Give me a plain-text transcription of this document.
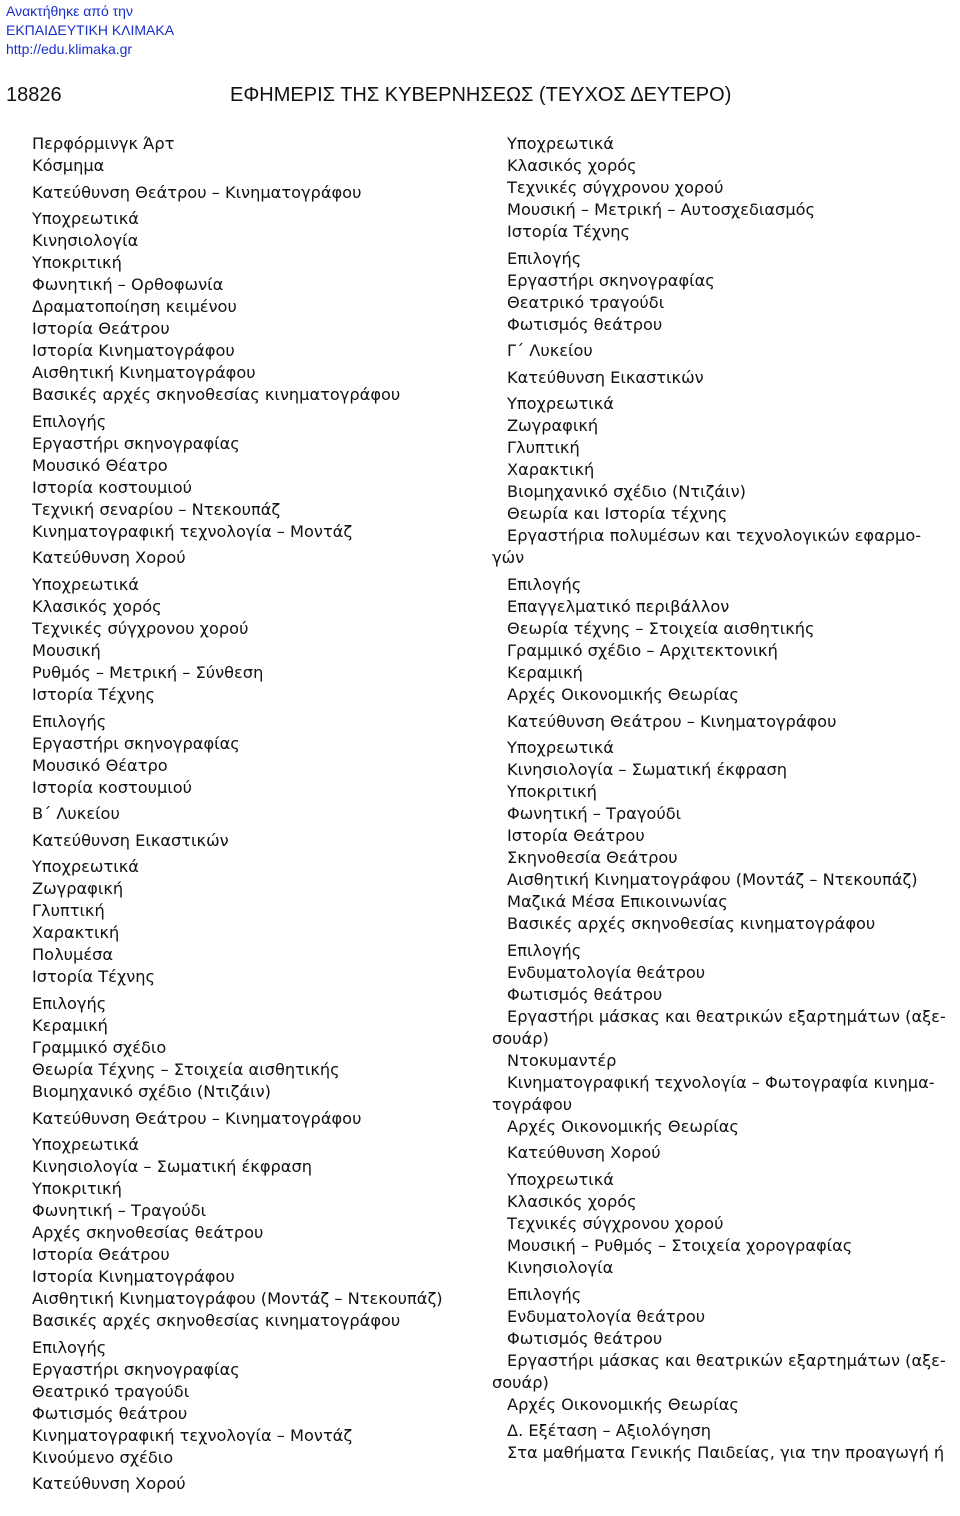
Ανακτήθηκε από την
ΕΚΠΑΙΔΕΥΤΙΚΗ ΚΛΙΜΑΚΑ
http://edu.klimaka.gr
18826	ΕΦΗΜΕΡΙΣ ΤΗΣ ΚΥΒΕΡΝΗΣΕΩΣ (ΤΕΥΧΟΣ ΔΕΥΤΕΡΟ)
Περφόρμινγκ Άρτ
Κόσμημα
Κατεύθυνση Θεάτρου – Κινηματογράφου
Υποχρεωτικά
Κινησιολογία
Υποκριτική
Φωνητική – Ορθοφωνία
Δραματοποίηση κειμένου
Ιστορία Θεάτρου
Ιστορία Κινηματογράφου
Αισθητική Κινηματογράφου
Βασικές αρχές σκηνοθεσίας κινηματογράφου
Επιλογής
Εργαστήρι σκηνογραφίας
Μουσικό Θέατρο
Ιστορία κοστουμιού
Τεχνική σεναρίου – Ντεκουπάζ
Κινηματογραφική τεχνολογία – Μοντάζ
Κατεύθυνση Χορού
Υποχρεωτικά
Κλασικός χορός
Τεχνικές σύγχρονου χορού
Μουσική
Ρυθμός – Μετρική – Σύνθεση
Ιστορία Τέχνης
Επιλογής
Εργαστήρι σκηνογραφίας
Μουσικό Θέατρο
Ιστορία κοστουμιού
Β΄ Λυκείου
Κατεύθυνση Εικαστικών
Υποχρεωτικά
Ζωγραφική
Γλυπτική
Χαρακτική
Πολυμέσα
Ιστορία Τέχνης
Επιλογής
Κεραμική
Γραμμικό σχέδιο
Θεωρία Τέχνης – Στοιχεία αισθητικής
Βιομηχανικό σχέδιο (Ντιζάιν)
Κατεύθυνση Θεάτρου – Κινηματογράφου
Υποχρεωτικά
Κινησιολογία – Σωματική έκφραση
Υποκριτική
Φωνητική – Τραγούδι
Αρχές σκηνοθεσίας θεάτρου
Ιστορία Θεάτρου
Ιστορία Κινηματογράφου
Αισθητική Κινηματογράφου (Μοντάζ – Ντεκουπάζ)
Βασικές αρχές σκηνοθεσίας κινηματογράφου
Επιλογής
Εργαστήρι σκηνογραφίας
Θεατρικό τραγούδι
Φωτισμός θεάτρου
Κινηματογραφική τεχνολογία – Μοντάζ
Κινούμενο σχέδιο
Κατεύθυνση Χορού
Υποχρεωτικά
Κλασικός χορός
Τεχνικές σύγχρονου χορού
Μουσική – Μετρική – Αυτοσχεδιασμός
Ιστορία Τέχνης
Επιλογής
Εργαστήρι σκηνογραφίας
Θεατρικό τραγούδι
Φωτισμός θεάτρου
Γ΄ Λυκείου
Κατεύθυνση Εικαστικών
Υποχρεωτικά
Ζωγραφική
Γλυπτική
Χαρακτική
Βιομηχανικό σχέδιο (Ντιζάιν)
Θεωρία και Ιστορία τέχνης
Εργαστήρια πολυμέσων και τεχνολογικών εφαρμο-
γών
Επιλογής
Επαγγελματικό περιβάλλον
Θεωρία τέχνης – Στοιχεία αισθητικής
Γραμμικό σχέδιο – Αρχιτεκτονική
Κεραμική
Αρχές Οικονομικής Θεωρίας
Κατεύθυνση Θεάτρου – Κινηματογράφου
Υποχρεωτικά
Κινησιολογία – Σωματική έκφραση
Υποκριτική
Φωνητική – Τραγούδι
Ιστορία Θεάτρου
Σκηνοθεσία Θεάτρου
Αισθητική Κινηματογράφου (Μοντάζ – Ντεκουπάζ)
Μαζικά Μέσα Επικοινωνίας
Βασικές αρχές σκηνοθεσίας κινηματογράφου
Επιλογής
Ενδυματολογία θεάτρου
Φωτισμός θεάτρου
Εργαστήρι μάσκας και θεατρικών εξαρτημάτων (αξε-
σουάρ)
Ντοκυμαντέρ
Κινηματογραφική τεχνολογία – Φωτογραφία κινημα-
τογράφου
Αρχές Οικονομικής Θεωρίας
Κατεύθυνση Χορού
Υποχρεωτικά
Κλασικός χορός
Τεχνικές σύγχρονου χορού
Μουσική – Ρυθμός – Στοιχεία χορογραφίας
Κινησιολογία
Επιλογής
Ενδυματολογία θεάτρου
Φωτισμός θεάτρου
Εργαστήρι μάσκας και θεατρικών εξαρτημάτων (αξε-
σουάρ)
Αρχές Οικονομικής Θεωρίας
Δ. Εξέταση – Αξιολόγηση
Στα μαθήματα Γενικής Παιδείας, για την προαγωγή ή
